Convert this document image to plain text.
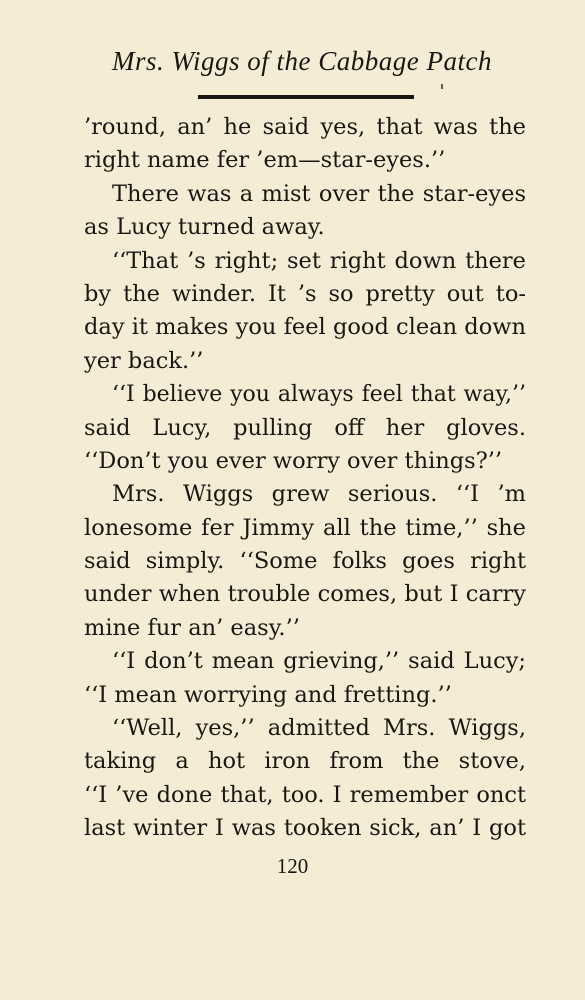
Mrs. Wiggs of the Cabbage Patch
’round, an’ he said yes, that was the
right name fer ’em—star-eyes.’’
There was a mist over the star-eyes
as Lucy turned away.
‘‘That ’s right; set right down there
by the winder. It ’s so pretty out to-
day it makes you feel good clean down
yer back.’’
‘‘I believe you always feel that way,’’
said Lucy, pulling off her gloves.
‘‘Don’t you ever worry over things?’’
Mrs. Wiggs grew serious. ‘‘I ’m
lonesome fer Jimmy all the time,’’ she
said simply. ‘‘Some folks goes right
under when trouble comes, but I carry
mine fur an’ easy.’’
‘‘I don’t mean grieving,’’ said Lucy;
‘‘I mean worrying and fretting.’’
‘‘Well, yes,’’ admitted Mrs. Wiggs,
taking a hot iron from the stove,
‘‘I ’ve done that, too. I remember onct
last winter I was tooken sick, an’ I got
120
